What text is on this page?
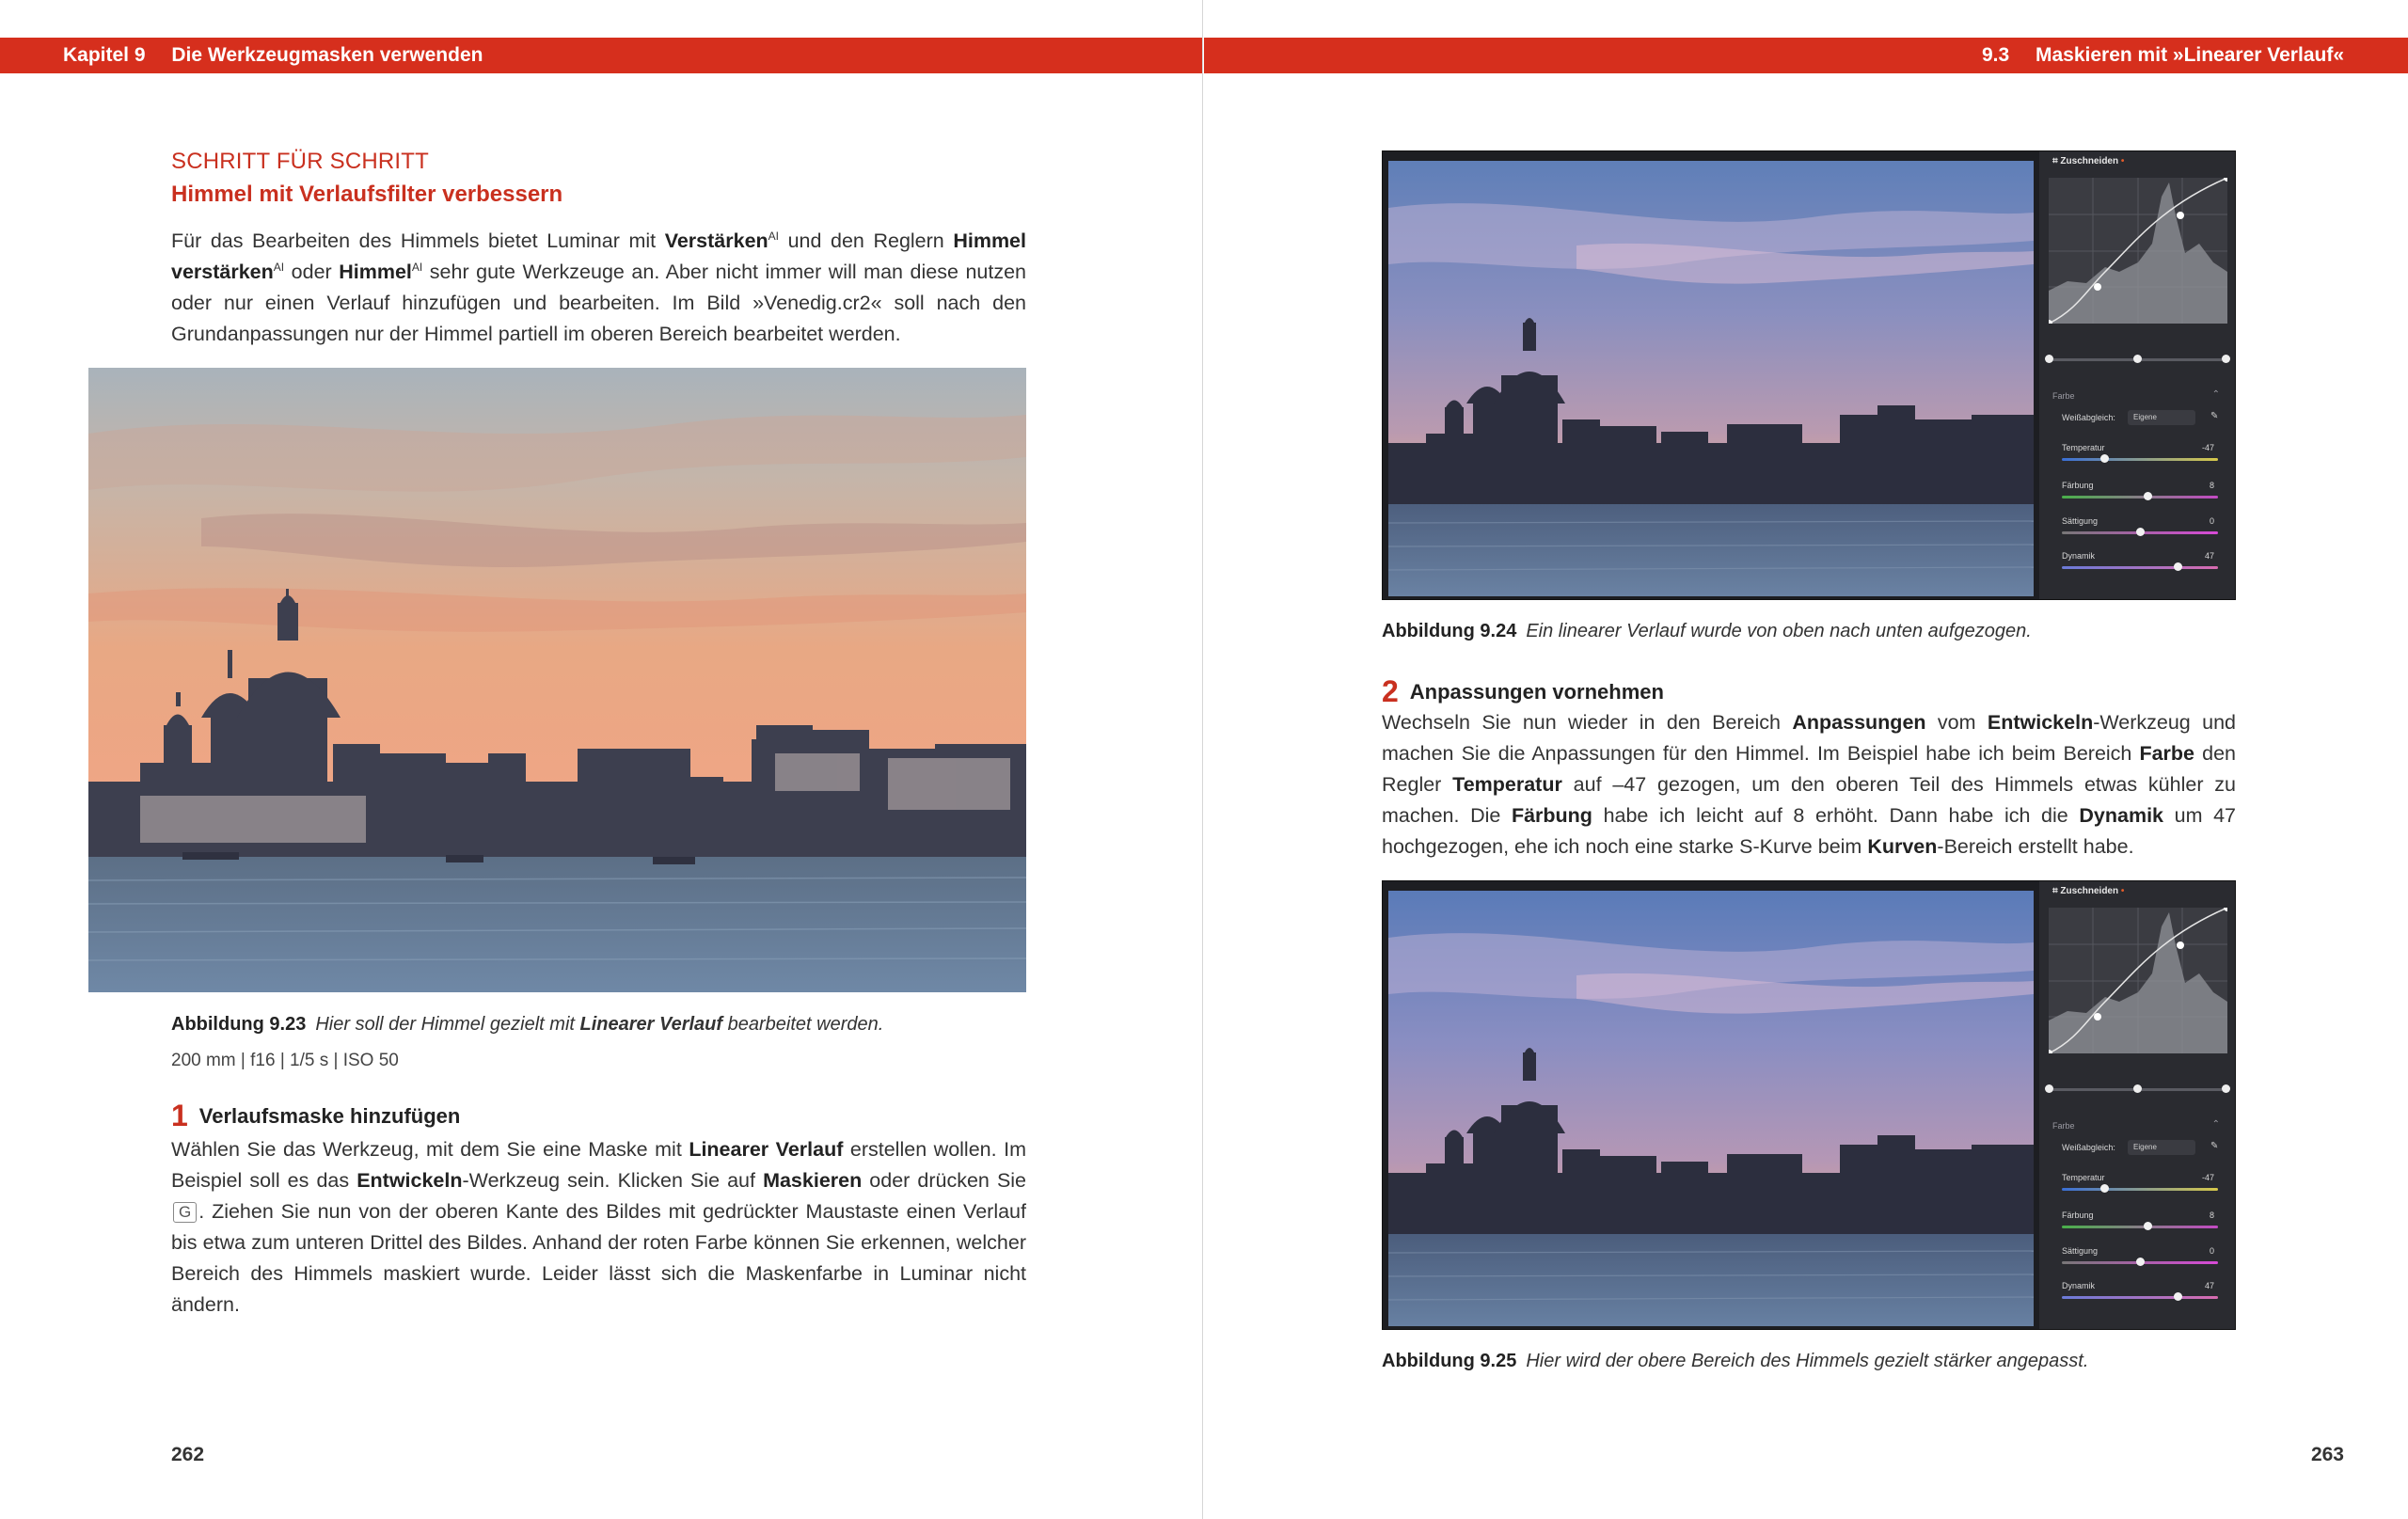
Kapitel 9 Die Werkzeugmasken verwenden
SCHRITT FÜR SCHRITT
Himmel mit Verlaufsfilter verbessern

Für das Bearbeiten des Himmels bietet Luminar mit Verstärken$^{AI}$ und den Reglern Himmel verstärken$^{AI}$ oder Himmel$^{AI}$ sehr gute Werkzeuge an. Aber nicht immer will man diese nutzen oder nur einen Verlauf hinzufügen und bearbeiten. Im Bild »Venedig.cr2« soll nach den Grundanpassungen nur der Himmel partiell im oberen Bereich bearbeitet werden.

Abbildung 9.23 Hier soll der Himmel gezielt mit Linearer Verlauf bearbeitet werden.
200 mm | f16 | 1/5 s | ISO 50
1 Verlaufsmaske hinzufügen

Wählen Sie das Werkzeug, mit dem Sie eine Maske mit Linearer Verlauf erstellen wollen. Im Beispiel soll es das Entwickeln-Werkzeug sein. Klicken Sie auf Maskieren oder drücken Sie G . Ziehen Sie nun von der oberen Kante des Bildes mit gedrückter Maustaste einen Verlauf bis etwa zum unteren Drittel des Bildes. Anhand der roten Farbe können Sie erkennen, welcher Bereich des Himmels maskiert wurde. Leider lässt sich die Maskenfarbe in Luminar nicht ändern.

262
9.3 Maskieren mit »Linearer Verlauf«
⌗ Zuschneiden •
Farbe	⌃
Weißabgleich:	Eigene	✎
Temperatur	-47
Färbung	8
Sättigung	0
Dynamik	47
Abbildung 9.24 Ein linearer Verlauf wurde von oben nach unten aufgezogen.
2 Anpassungen vornehmen

Wechseln Sie nun wieder in den Bereich Anpassungen vom Entwickeln-Werkzeug und machen Sie die Anpassungen für den Himmel. Im Beispiel habe ich beim Bereich Farbe den Regler Temperatur auf –47 gezogen, um den oberen Teil des Himmels etwas kühler zu machen. Die Färbung habe ich leicht auf 8 erhöht. Dann habe ich die Dynamik um 47 hochgezogen, ehe ich noch eine starke S-Kurve beim Kurven-Bereich erstellt habe.

⌗ Zuschneiden •
Farbe	⌃
Weißabgleich:	Eigene	✎
Temperatur	-47
Färbung	8
Sättigung	0
Dynamik	47
Abbildung 9.25 Hier wird der obere Bereich des Himmels gezielt stärker angepasst.
263
